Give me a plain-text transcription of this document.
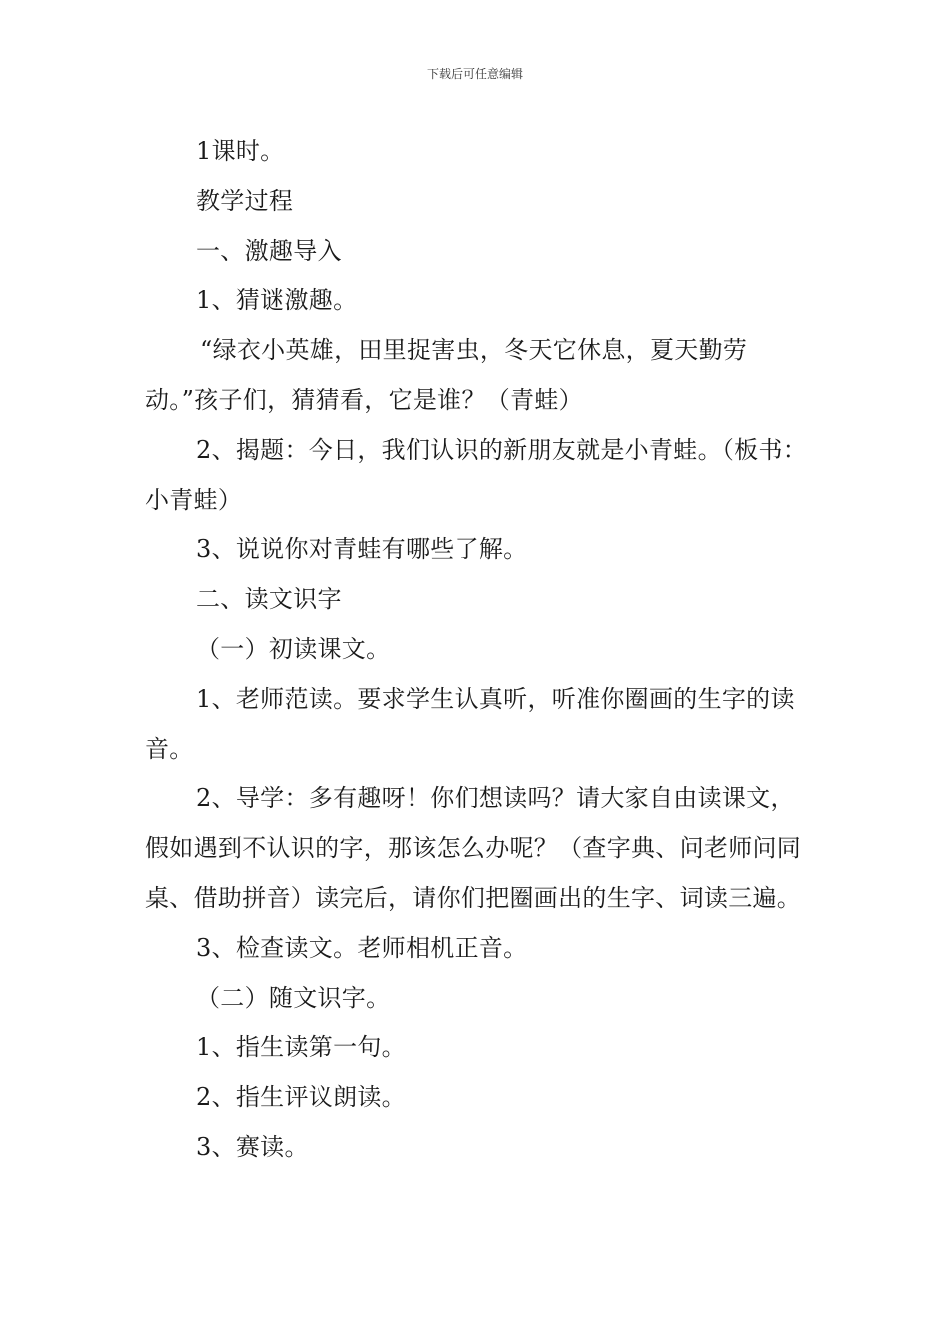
下载后可任意编辑

1课时。

教学过程

一、激趣导入

1、猜谜激趣。

“绿衣小英雄，田里捉害虫，冬天它休息，夏天勤劳动。”孩子们，猜猜看，它是谁？（青蛙）

2、揭题：今日，我们认识的新朋友就是小青蛙。（板书：小青蛙）

3、说说你对青蛙有哪些了解。

二、读文识字

（一）初读课文。

1、老师范读。要求学生认真听，听准你圈画的生字的读音。

2、导学：多有趣呀！你们想读吗？请大家自由读课文，假如遇到不认识的字，那该怎么办呢？（查字典、问老师问同桌、借助拼音）读完后，请你们把圈画出的生字、词读三遍。

3、检查读文。老师相机正音。

（二）随文识字。

1、指生读第一句。

2、指生评议朗读。

3、赛读。
